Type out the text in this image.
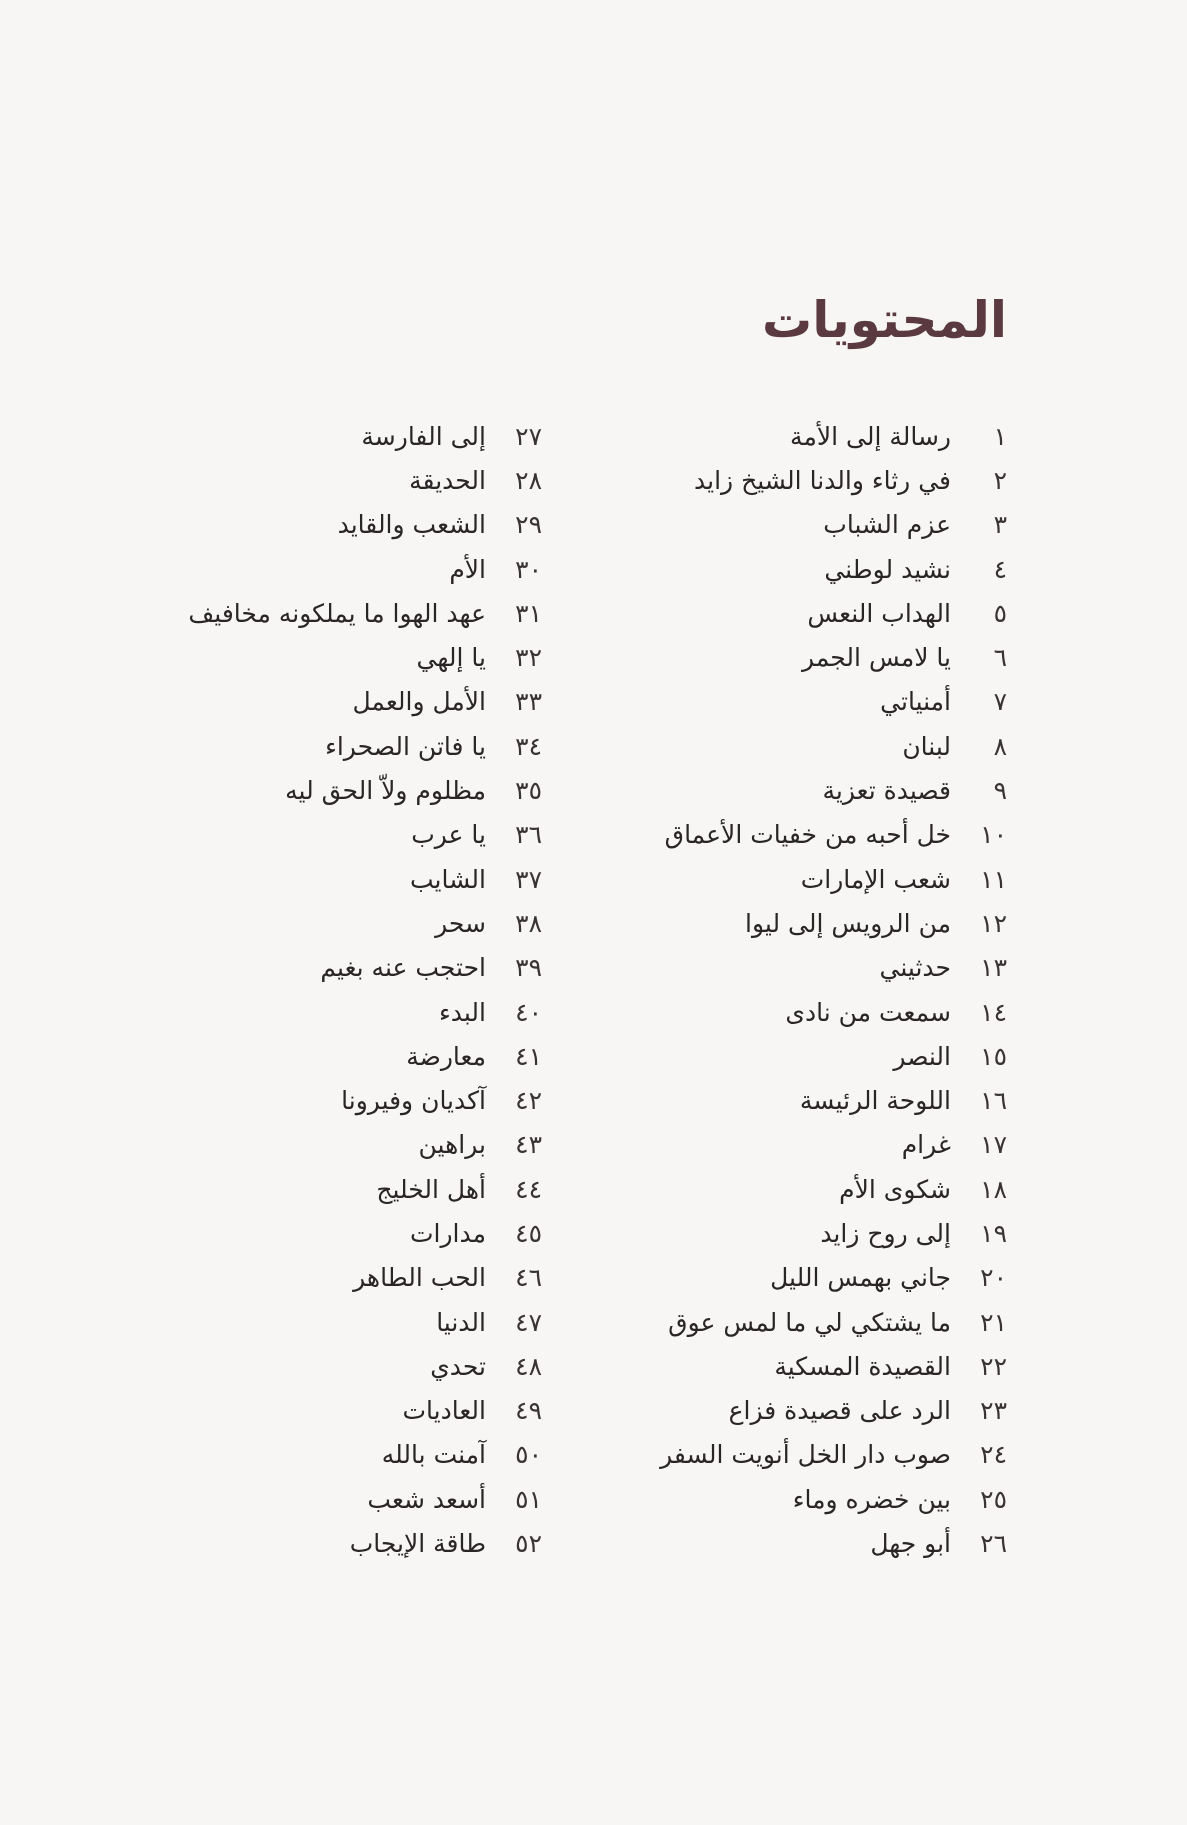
المحتويات
١
رسالة إلى الأمة
٢
في رثاء والدنا الشيخ زايد
٣
عزم الشباب
٤
نشيد لوطني
٥
الهداب النعس
٦
يا لامس الجمر
٧
أمنياتي
٨
لبنان
٩
قصيدة تعزية
١٠
خل أحبه من خفيات الأعماق
١١
شعب الإمارات
١٢
من الرويس إلى ليوا
١٣
حدثيني
١٤
سمعت من نادى
١٥
النصر
١٦
اللوحة الرئيسة
١٧
غرام
١٨
شكوى الأم
١٩
إلى روح زايد
٢٠
جاني بهمس الليل
٢١
ما يشتكي لي ما لمس عوق
٢٢
القصيدة المسكية
٢٣
الرد على قصيدة فزاع
٢٤
صوب دار الخل أنويت السفر
٢٥
بين خضره وماء
٢٦
أبو جهل
٢٧
إلى الفارسة
٢٨
الحديقة
٢٩
الشعب والقايد
٣٠
الأم
٣١
عهد الهوا ما يملكونه مخافيف
٣٢
يا إلهي
٣٣
الأمل والعمل
٣٤
يا فاتن الصحراء
٣٥
مظلوم ولاّ الحق ليه
٣٦
يا عرب
٣٧
الشايب
٣٨
سحر
٣٩
احتجب عنه بغيم
٤٠
البدء
٤١
معارضة
٤٢
آكديان وفيرونا
٤٣
براهين
٤٤
أهل الخليج
٤٥
مدارات
٤٦
الحب الطاهر
٤٧
الدنيا
٤٨
تحدي
٤٩
العاديات
٥٠
آمنت بالله
٥١
أسعد شعب
٥٢
طاقة الإيجاب
